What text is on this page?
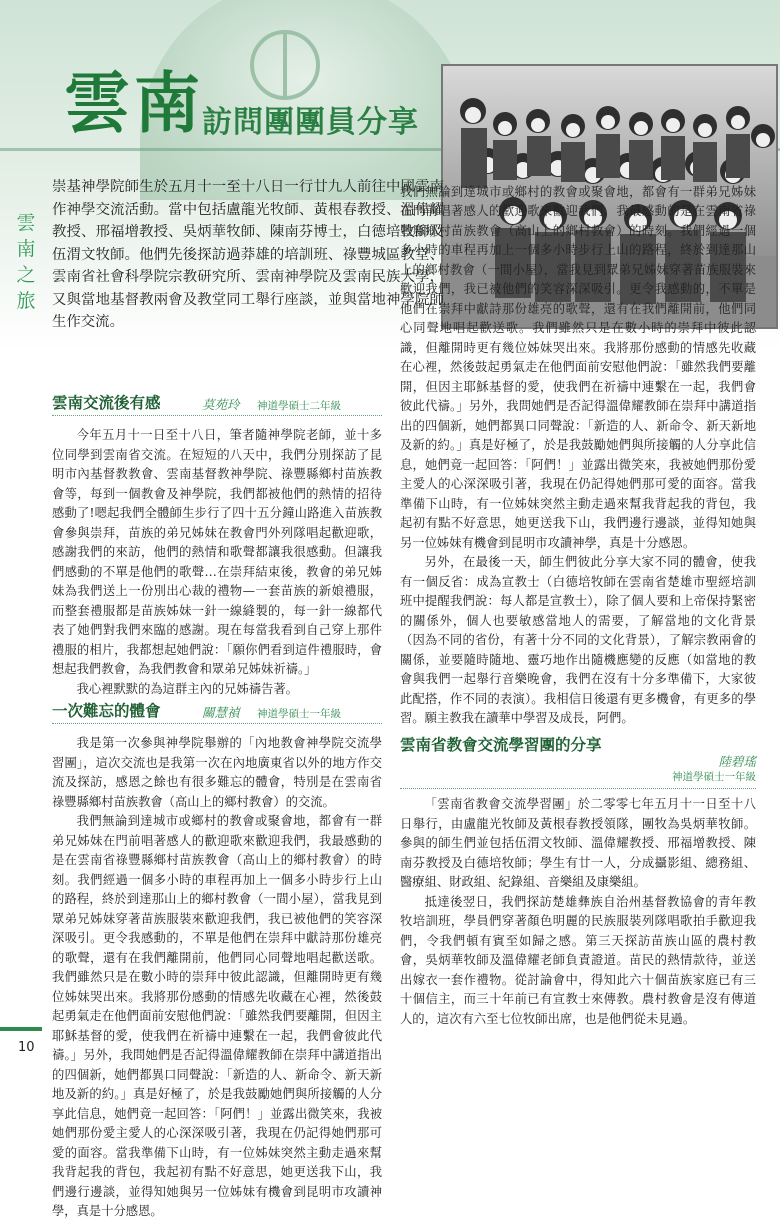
雲南
訪問團團員分享
雲南之旅
崇基神學院師生於五月十一至十八日一行廿九人前往中國雲南作神學交流活動。當中包括盧龍光牧師、黃根春教授、溫偉耀教授、邢福增教授、吳炳華牧師、陳南芬博士，白德培牧師及伍渭文牧師。他們先後探訪過莽雄的培訓班、祿豐城區教堂、雲南省社會科學院宗教研究所、雲南神學院及雲南民族大學，又與當地基督教兩會及教堂同工舉行座談，並與當地神學院師生作交流。
雲南交流後有感	莫苑玲 神道學碩士二年級

今年五月十一日至十八日，筆者隨神學院老師，並十多位同學到雲南省交流。在短短的八天中，我們分別探訪了昆明市內基督教教會、雲南基督教神學院、祿豐縣鄉村苗族教會等，每到一個教會及神學院，我們都被他們的熱情的招待感動了!嗯起我們全體師生步行了四十五分鐘山路進入苗族教會參與崇拜，苗族的弟兄姊妹在教會門外列隊唱起歡迎歌，感謝我們的來訪，他們的熱情和歌聲都讓我很感動。但讓我們感動的不單是他們的歌聲…在崇拜結束後，教會的弟兄姊妹為我們送上一份別出心裁的禮物—一套苗族的新娘禮服，而整套禮服都是苗族姊妹一針一線縫製的，每一針一線都代表了她們對我們來臨的感謝。現在每當我看到自己穿上那件禮服的相片，我都想起她們說：「願你們看到這件禮服時，會想起我們教會，為我們教會和眾弟兄姊妹祈禱。」

我心裡默默的為這群主內的兄姊禱告著。

一次難忘的體會	關慧禎 神道學碩士一年級

我是第一次參與神學院舉辦的「內地教會神學院交流學習團」，這次交流也是我第一次在內地廣東省以外的地方作交流及探訪，感恩之餘也有很多難忘的體會，特別是在雲南省祿豐縣鄉村苗族教會（高山上的鄉村教會）的交流。

我們無論到達城市或鄉村的教會或聚會地，都會有一群弟兄姊妹在門前唱著感人的歡迎歌來歡迎我們，我最感動的是在雲南省祿豐縣鄉村苗族教會（高山上的鄉村教會）的時刻。我們經過一個多小時的車程再加上一個多小時步行上山的路程，終於到達那山上的鄉村教會（一間小屋），當我見到眾弟兄姊妹穿著苗族服裝來歡迎我們，我已被他們的笑容深深吸引。更令我感動的，不單是他們在崇拜中獻詩那份雄亮的歌聲，還有在我們離開前，他們同心同聲地唱起歡送歌。我們雖然只是在數小時的崇拜中彼此認識，但離開時更有幾位姊妹哭出來。我將那份感動的情感先收藏在心裡，然後鼓起勇氣走在他們面前安慰他們說：「雖然我們要離開，但因主耶穌基督的愛，使我們在祈禱中連繫在一起，我們會彼此代禱。」另外，我問她們是否記得溫偉耀教師在崇拜中講道指出的四個新，她們都異口同聲說：「新造的人、新命令、新天新地及新的約。」真是好極了，於是我鼓勵她們與所接觸的人分享此信息，她們竟一起回答：「阿們！」並露出微笑來，我被她們那份愛主愛人的心深深吸引著，我現在仍記得她們那可愛的面容。當我準備下山時，有一位姊妹突然主動走過來幫我背起我的背包，我起初有點不好意思，她更送我下山，我們邊行邊談，並得知她與另一位姊妹有機會到昆明市攻讀神學，真是十分感恩。

我們無論到達城市或鄉村的教會或聚會地，都會有一群弟兄姊妹在門前唱著感人的歡迎歌來歡迎我們，我最感動的是在雲南省祿豐縣鄉村苗族教會（高山上的鄉村教會）的時刻。我們經過一個多小時的車程再加上一個多小時步行上山的路程，終於到達那山上的鄉村教會（一間小屋），當我見到眾弟兄姊妹穿著苗族服裝來歡迎我們，我已被他們的笑容深深吸引。更令我感動的，不單是他們在崇拜中獻詩那份雄亮的歌聲，還有在我們離開前，他們同心同聲地唱起歡送歌。我們雖然只是在數小時的崇拜中彼此認識，但離開時更有幾位姊妹哭出來。我將那份感動的情感先收藏在心裡，然後鼓起勇氣走在他們面前安慰他們說：「雖然我們要離開，但因主耶穌基督的愛，使我們在祈禱中連繫在一起，我們會彼此代禱。」另外，我問她們是否記得溫偉耀教師在崇拜中講道指出的四個新，她們都異口同聲說：「新造的人、新命令、新天新地及新的約。」真是好極了，於是我鼓勵她們與所接觸的人分享此信息，她們竟一起回答：「阿們！」並露出微笑來，我被她們那份愛主愛人的心深深吸引著，我現在仍記得她們那可愛的面容。當我準備下山時，有一位姊妹突然主動走過來幫我背起我的背包，我起初有點不好意思，她更送我下山，我們邊行邊談，並得知她與另一位姊妹有機會到昆明市攻讀神學，真是十分感恩。

另外，在最後一天，師生們彼此分享大家不同的體會，使我有一個反省：成為宣教士（白德培牧師在雲南省楚雄市聖經培訓班中提醒我們說：每人都是宣教士），除了個人要和上帝保持緊密的關係外，個人也要敏感當地人的需要，了解當地的文化背景（因為不同的省份，有著十分不同的文化背景），了解宗教兩會的關係，並要隨時隨地、靈巧地作出隨機應變的反應（如當地的教會與我們一起舉行音樂晚會，我們在沒有十分多準備下，大家彼此配搭，作不同的表演）。我相信日後還有更多機會，有更多的學習。願主教我在讀華中學習及成長，阿們。

雲南省教會交流學習團的分享
陸碧瑤
神道學碩士一年級

「雲南省教會交流學習團」於二零零七年五月十一日至十八日舉行，由盧龍光牧師及黃根春教授領隊，團牧為吳炳華牧師。參與的師生們並包括伍渭文牧師、溫偉耀教授、邢福增教授、陳南芬教授及白德培牧師；學生有廿一人，分成攝影組、總務組、醫療組、財政組、紀錄組、音樂組及康樂組。

抵達後翌日，我們探訪楚雄彝族自治州基督教協會的青年教牧培訓班，學員們穿著顏色明麗的民族服裝列隊唱歌拍手歡迎我們，令我們頓有賓至如歸之感。第三天探訪苗族山區的農村教會，吳炳華牧師及溫偉耀老師負責證道。苗民的熱情款待，並送出嫁衣一套作禮物。從討論會中，得知此六十個苗族家庭已有三十個信主，而三十年前已有宣教士來傳教。農村教會是沒有傳道人的，這次有六至七位牧師出席，也是他們從未見過。

10
